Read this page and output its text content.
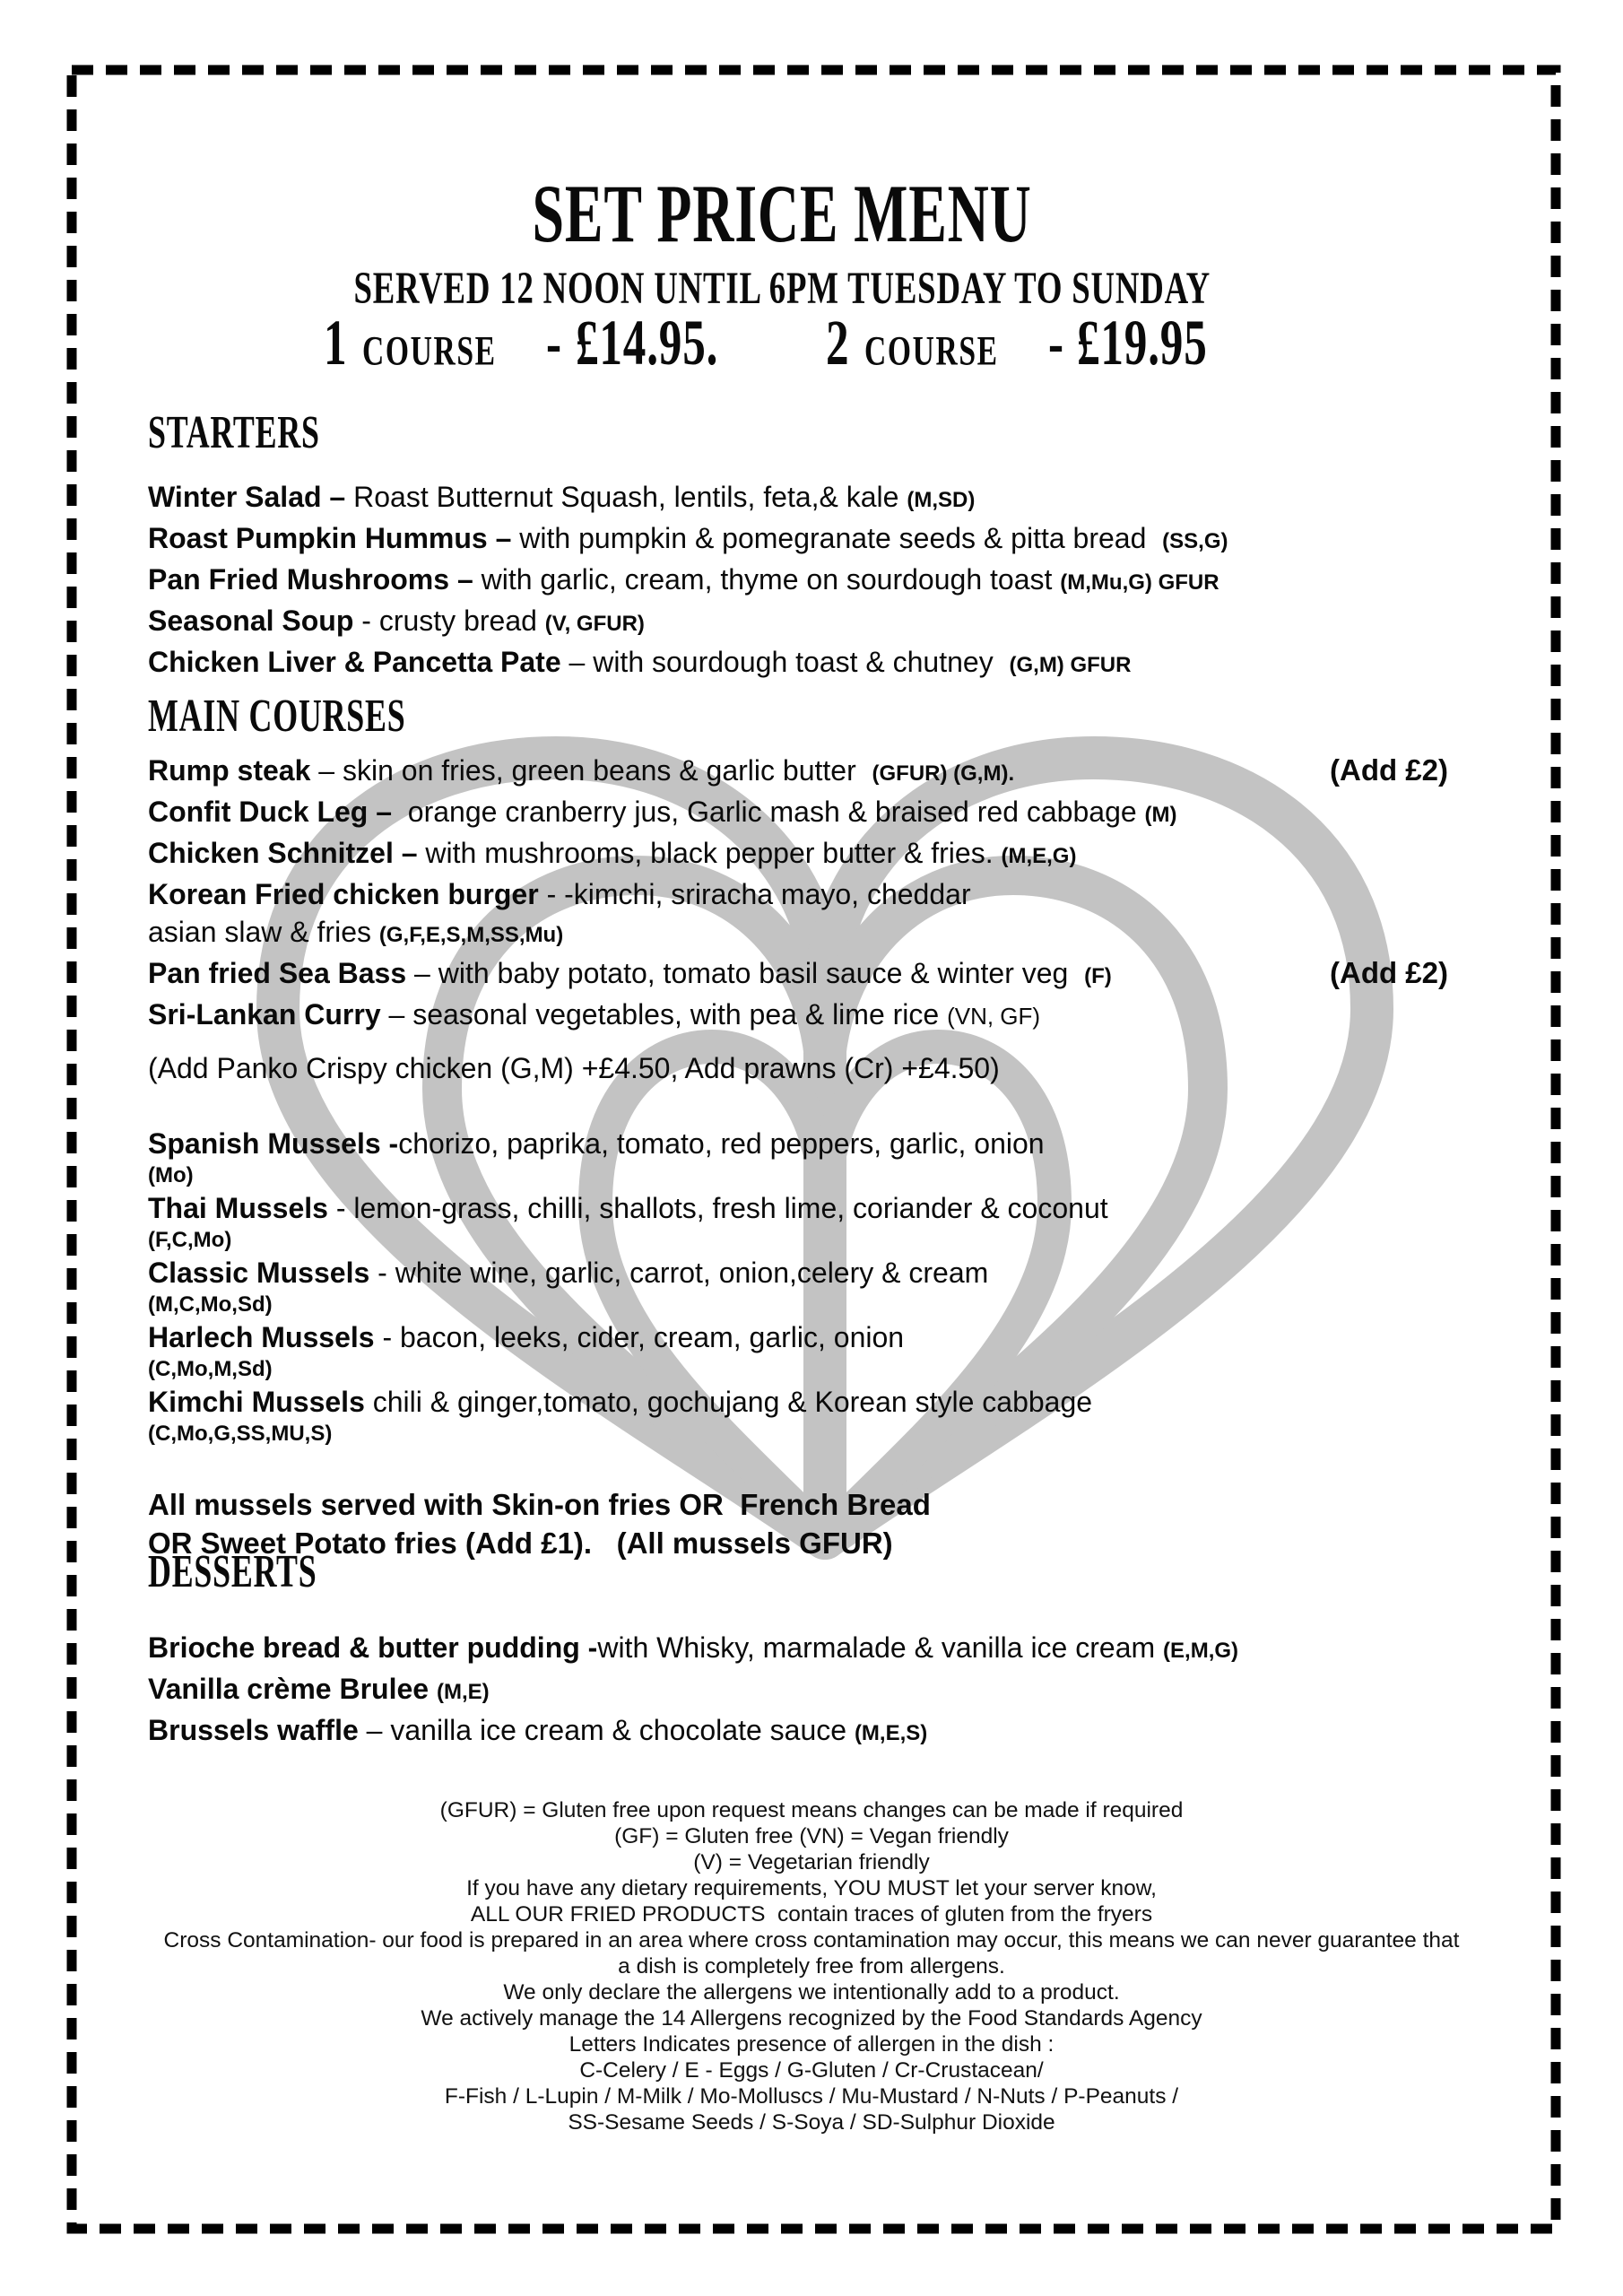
SET PRICE MENU
SERVED 12 NOON UNTIL 6PM TUESDAY TO SUNDAY
1 COURSE - £14.95. 2 COURSE - £19.95
STARTERS
Winter Salad – Roast Butternut Squash, lentils, feta,& kale (M,SD)
Roast Pumpkin Hummus – with pumpkin & pomegranate seeds & pitta bread  (SS,G)
Pan Fried Mushrooms – with garlic, cream, thyme on sourdough toast (M,Mu,G) GFUR
Seasonal Soup - crusty bread (V, GFUR)
Chicken Liver & Pancetta Pate – with sourdough toast & chutney  (G,M) GFUR
MAIN COURSES
Rump steak – skin on fries, green beans & garlic butter  (GFUR) (G,M).	(Add £2)
Confit Duck Leg –  orange cranberry jus, Garlic mash & braised red cabbage (M)
Chicken Schnitzel – with mushrooms, black pepper butter & fries. (M,E,G)
Korean Fried chicken burger - -kimchi, sriracha mayo, cheddar
asian slaw & fries (G,F,E,S,M,SS,Mu)
Pan fried Sea Bass – with baby potato, tomato basil sauce & winter veg  (F)	(Add £2)
Sri-Lankan Curry – seasonal vegetables, with pea & lime rice (VN, GF)
(Add Panko Crispy chicken (G,M) +£4.50, Add prawns (Cr) +£4.50)
Spanish Mussels -chorizo, paprika, tomato, red peppers, garlic, onion
(Mo)
Thai Mussels - lemon-grass, chilli, shallots, fresh lime, coriander & coconut
(F,C,Mo)
Classic Mussels - white wine, garlic, carrot, onion,celery & cream
(M,C,Mo,Sd)
Harlech Mussels - bacon, leeks, cider, cream, garlic, onion
(C,Mo,M,Sd)
Kimchi Mussels chili & ginger,tomato, gochujang & Korean style cabbage
(C,Mo,G,SS,MU,S)
All mussels served with Skin-on fries OR  French Bread
OR Sweet Potato fries (Add £1).   (All mussels GFUR)
DESSERTS
Brioche bread & butter pudding -with Whisky, marmalade & vanilla ice cream (E,M,G)
Vanilla crème Brulee (M,E)
Brussels waffle – vanilla ice cream & chocolate sauce (M,E,S)
(GFUR) = Gluten free upon request means changes can be made if required
(GF) = Gluten free (VN) = Vegan friendly
(V) = Vegetarian friendly
If you have any dietary requirements, YOU MUST let your server know,
ALL OUR FRIED PRODUCTS  contain traces of gluten from the fryers
Cross Contamination- our food is prepared in an area where cross contamination may occur, this means we can never guarantee that
a dish is completely free from allergens.
We only declare the allergens we intentionally add to a product.
We actively manage the 14 Allergens recognized by the Food Standards Agency
Letters Indicates presence of allergen in the dish :
C-Celery / E - Eggs / G-Gluten / Cr-Crustacean/
F-Fish / L-Lupin / M-Milk / Mo-Molluscs / Mu-Mustard / N-Nuts / P-Peanuts /
SS-Sesame Seeds / S-Soya / SD-Sulphur Dioxide
